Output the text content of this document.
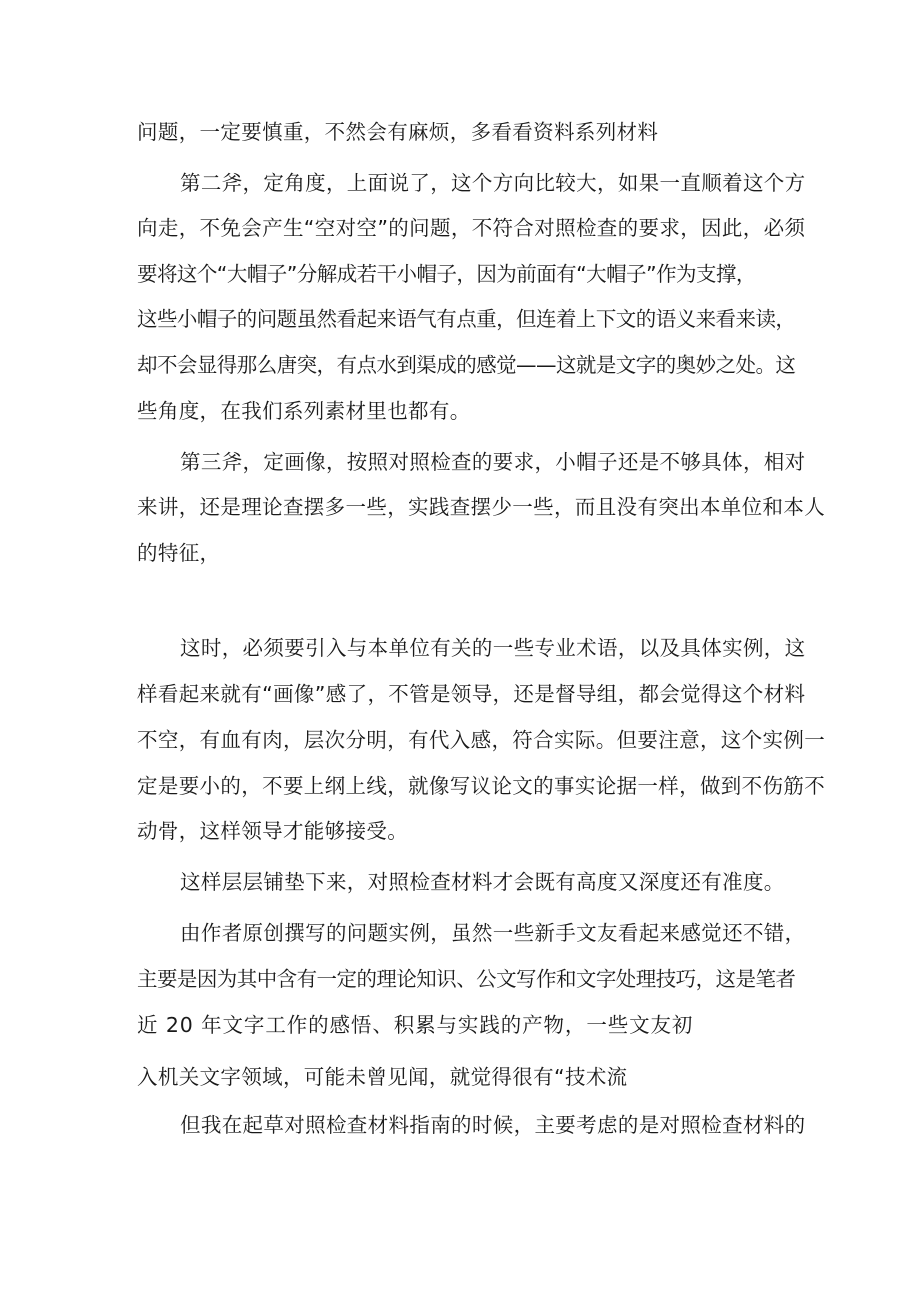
问题，一定要慎重，不然会有麻烦，多看看资料系列材料
第二斧，定角度，上面说了，这个方向比较大，如果一直顺着这个方
向走，不免会产生“空对空”的问题，不符合对照检查的要求，因此，必须
要将这个“大帽子”分解成若干小帽子，因为前面有“大帽子”作为支撑，
这些小帽子的问题虽然看起来语气有点重，但连着上下文的语义来看来读，
却不会显得那么唐突，有点水到渠成的感觉——这就是文字的奥妙之处。这
些角度，在我们系列素材里也都有。
第三斧，定画像，按照对照检查的要求，小帽子还是不够具体，相对
来讲，还是理论查摆多一些，实践查摆少一些，而且没有突出本单位和本人
的特征，
这时，必须要引入与本单位有关的一些专业术语，以及具体实例，这
样看起来就有“画像”感了，不管是领导，还是督导组，都会觉得这个材料
不空，有血有肉，层次分明，有代入感，符合实际。但要注意，这个实例一
定是要小的，不要上纲上线，就像写议论文的事实论据一样，做到不伤筋不
动骨，这样领导才能够接受。
这样层层铺垫下来，对照检查材料才会既有高度又深度还有准度。
由作者原创撰写的问题实例，虽然一些新手文友看起来感觉还不错，
主要是因为其中含有一定的理论知识、公文写作和文字处理技巧，这是笔者
近 20 年文字工作的感悟、积累与实践的产物，一些文友初
入机关文字领域，可能未曾见闻，就觉得很有“技术流
但我在起草对照检查材料指南的时候，主要考虑的是对照检查材料的
